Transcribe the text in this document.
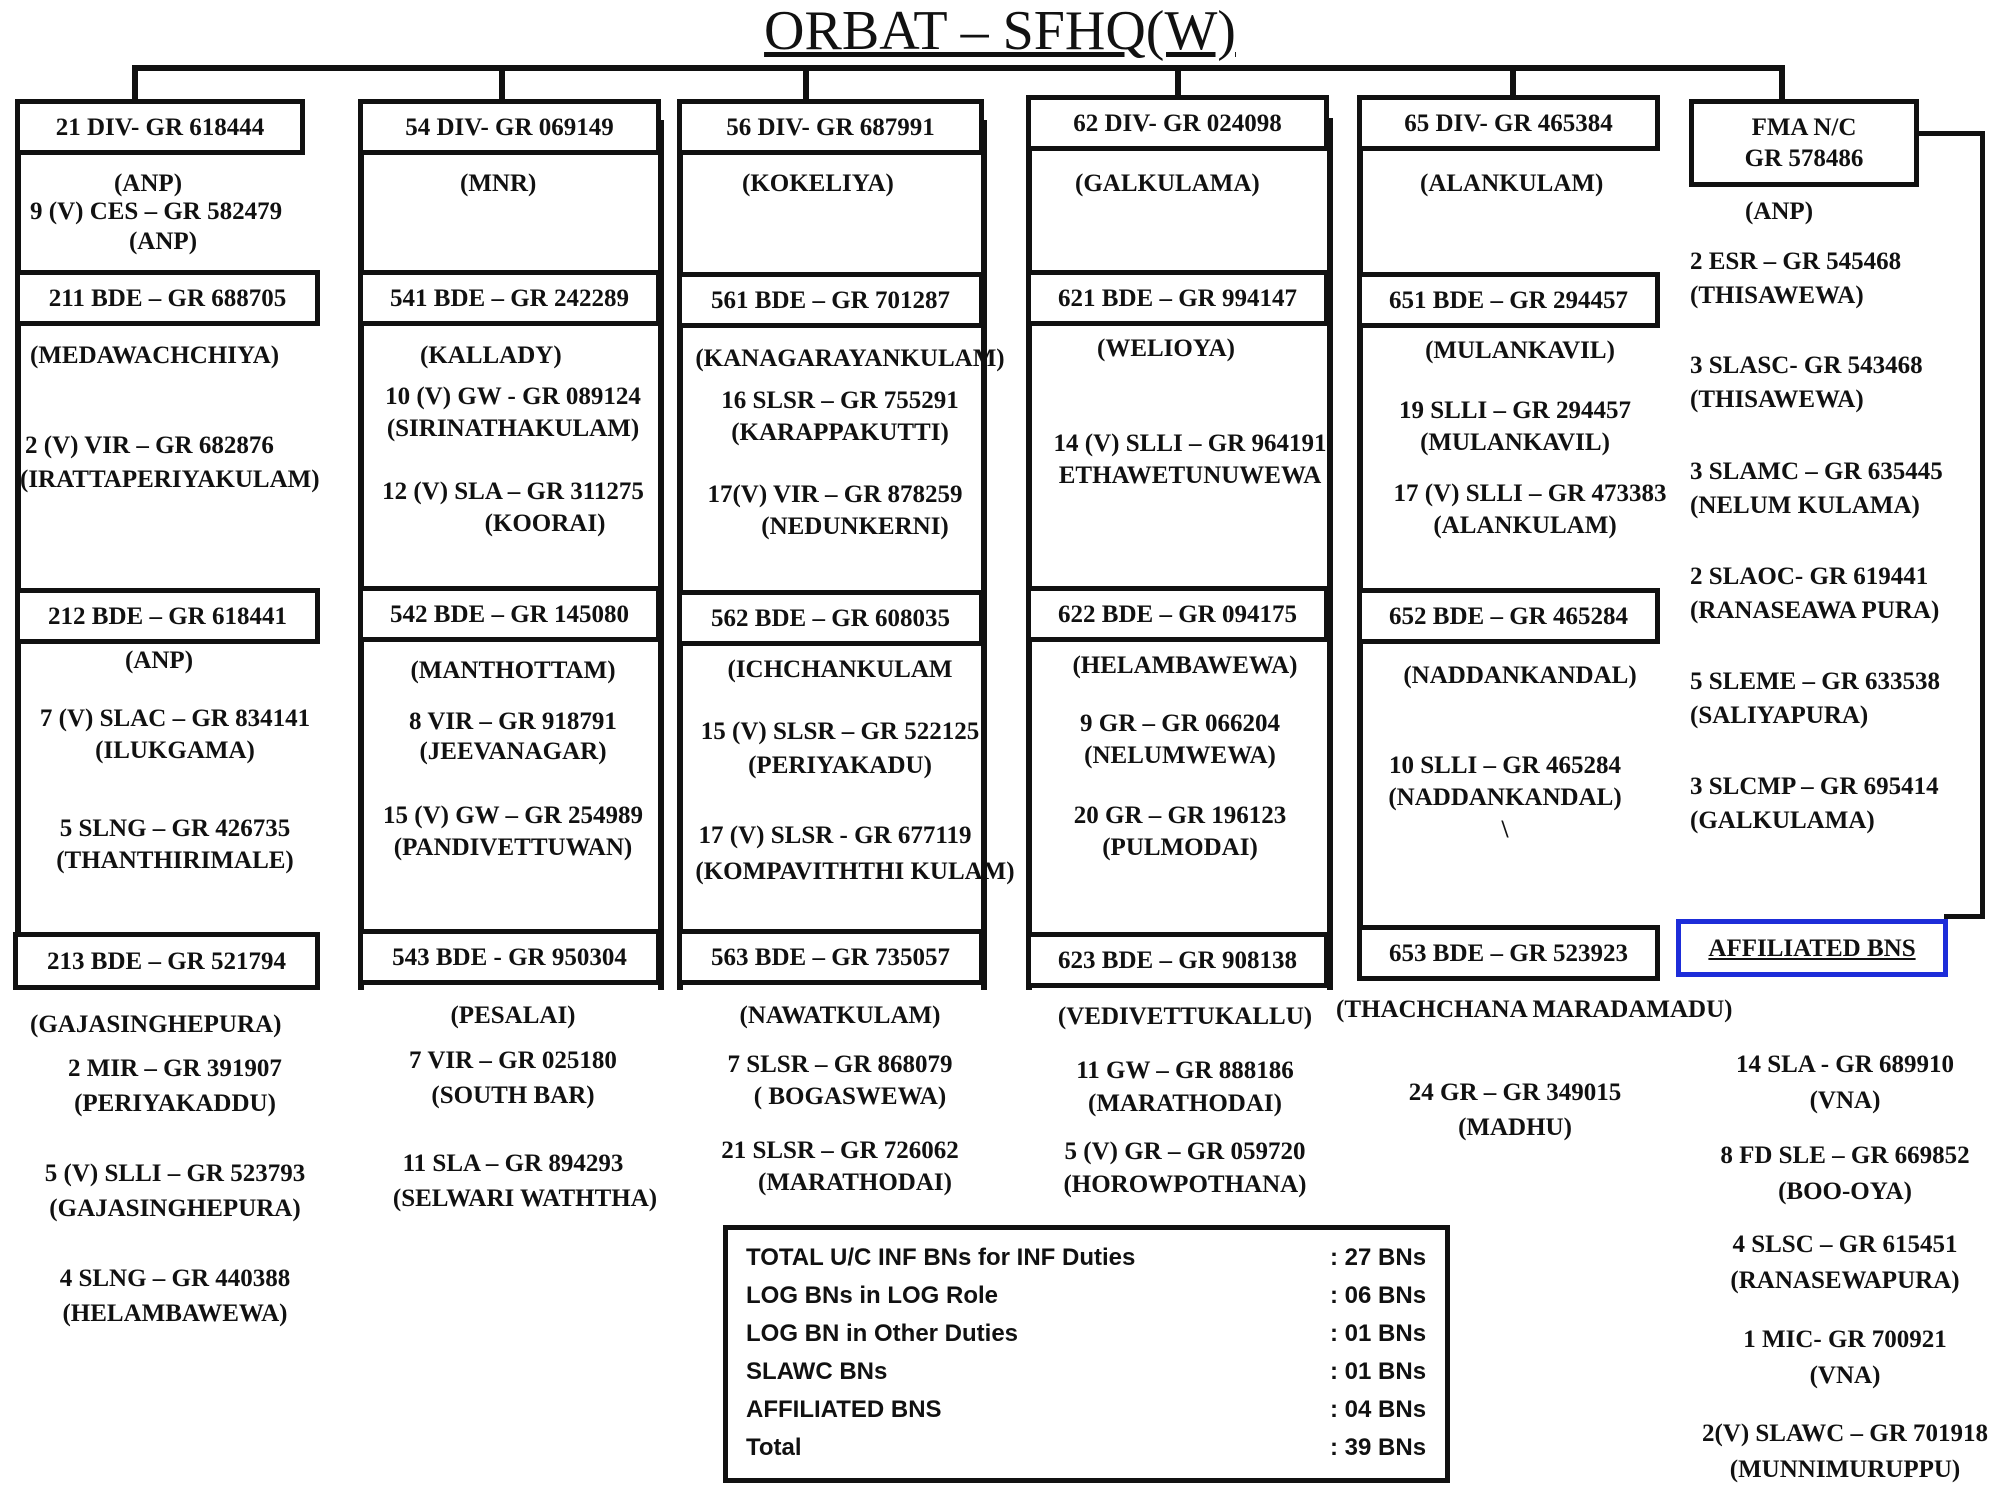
ORBAT – SFHQ(W)
21 DIV- GR 618444
(ANP)
9 (V) CES – GR 582479
(ANP)
211 BDE – GR 688705
(MEDAWACHCHIYA)
2 (V) VIR – GR 682876
(IRATTAPERIYAKULAM)
212 BDE – GR 618441
(ANP)
7 (V) SLAC – GR 834141
(ILUKGAMA)
5 SLNG – GR 426735
(THANTHIRIMALE)
213 BDE – GR 521794
(GAJASINGHEPURA)
2 MIR – GR 391907
(PERIYAKADDU)
5 (V) SLLI – GR 523793
(GAJASINGHEPURA)
4 SLNG – GR 440388
(HELAMBAWEWA)
54 DIV- GR 069149
(MNR)
541 BDE – GR 242289
(KALLADY)
10 (V) GW - GR 089124
(SIRINATHAKULAM)
12 (V) SLA – GR 311275
(KOORAI)
542 BDE – GR 145080
(MANTHOTTAM)
8 VIR – GR 918791
(JEEVANAGAR)
15 (V) GW – GR 254989
(PANDIVETTUWAN)
543 BDE - GR 950304
(PESALAI)
7 VIR – GR 025180
(SOUTH BAR)
11 SLA – GR 894293
(SELWARI WATHTHA)
56 DIV- GR 687991
(KOKELIYA)
561 BDE – GR 701287
(KANAGARAYANKULAM)
16 SLSR – GR 755291
(KARAPPAKUTTI)
17(V) VIR – GR 878259
(NEDUNKERNI)
562 BDE – GR 608035
(ICHCHANKULAM
15 (V) SLSR – GR 522125
(PERIYAKADU)
17 (V) SLSR - GR 677119
(KOMPAVITHTHI KULAM)
563 BDE – GR 735057
(NAWATKULAM)
7 SLSR – GR 868079
( BOGASWEWA)
21 SLSR – GR 726062
(MARATHODAI)
62 DIV- GR 024098
(GALKULAMA)
621 BDE – GR 994147
(WELIOYA)
14 (V) SLLI – GR 964191
ETHAWETUNUWEWA
622 BDE – GR 094175
(HELAMBAWEWA)
9 GR – GR 066204
(NELUMWEWA)
20 GR – GR 196123
(PULMODAI)
623 BDE – GR 908138
(VEDIVETTUKALLU)
11 GW – GR 888186
(MARATHODAI)
5 (V) GR – GR 059720
(HOROWPOTHANA)
65 DIV- GR 465384
(ALANKULAM)
651 BDE – GR 294457
(MULANKAVIL)
19 SLLI – GR 294457
(MULANKAVIL)
17 (V) SLLI – GR 473383
(ALANKULAM)
652 BDE – GR 465284
(NADDANKANDAL)
10 SLLI – GR 465284
(NADDANKANDAL)
\
653 BDE – GR 523923
(THACHCHANA MARADAMADU)
24 GR – GR 349015
(MADHU)
FMA N/C
GR 578486
(ANP)
2 ESR – GR 545468
(THISAWEWA)
3 SLASC- GR 543468
(THISAWEWA)
3 SLAMC – GR 635445
(NELUM KULAMA)
2 SLAOC- GR 619441
(RANASEAWA PURA)
5 SLEME – GR 633538
(SALIYAPURA)
3 SLCMP – GR 695414
(GALKULAMA)
AFFILIATED BNS
14 SLA - GR 689910
(VNA)
8 FD SLE – GR 669852
(BOO-OYA)
4 SLSC – GR 615451
(RANASEWAPURA)
1 MIC- GR 700921
(VNA)
2(V) SLAWC – GR 701918
(MUNNIMURUPPU)
TOTAL U/C INF BNs for INF Duties	: 27 BNs
LOG BNs in LOG Role	: 06 BNs
LOG BN in Other Duties	: 01 BNs
SLAWC BNs	: 01 BNs
AFFILIATED BNS	: 04 BNs
Total	: 39 BNs
